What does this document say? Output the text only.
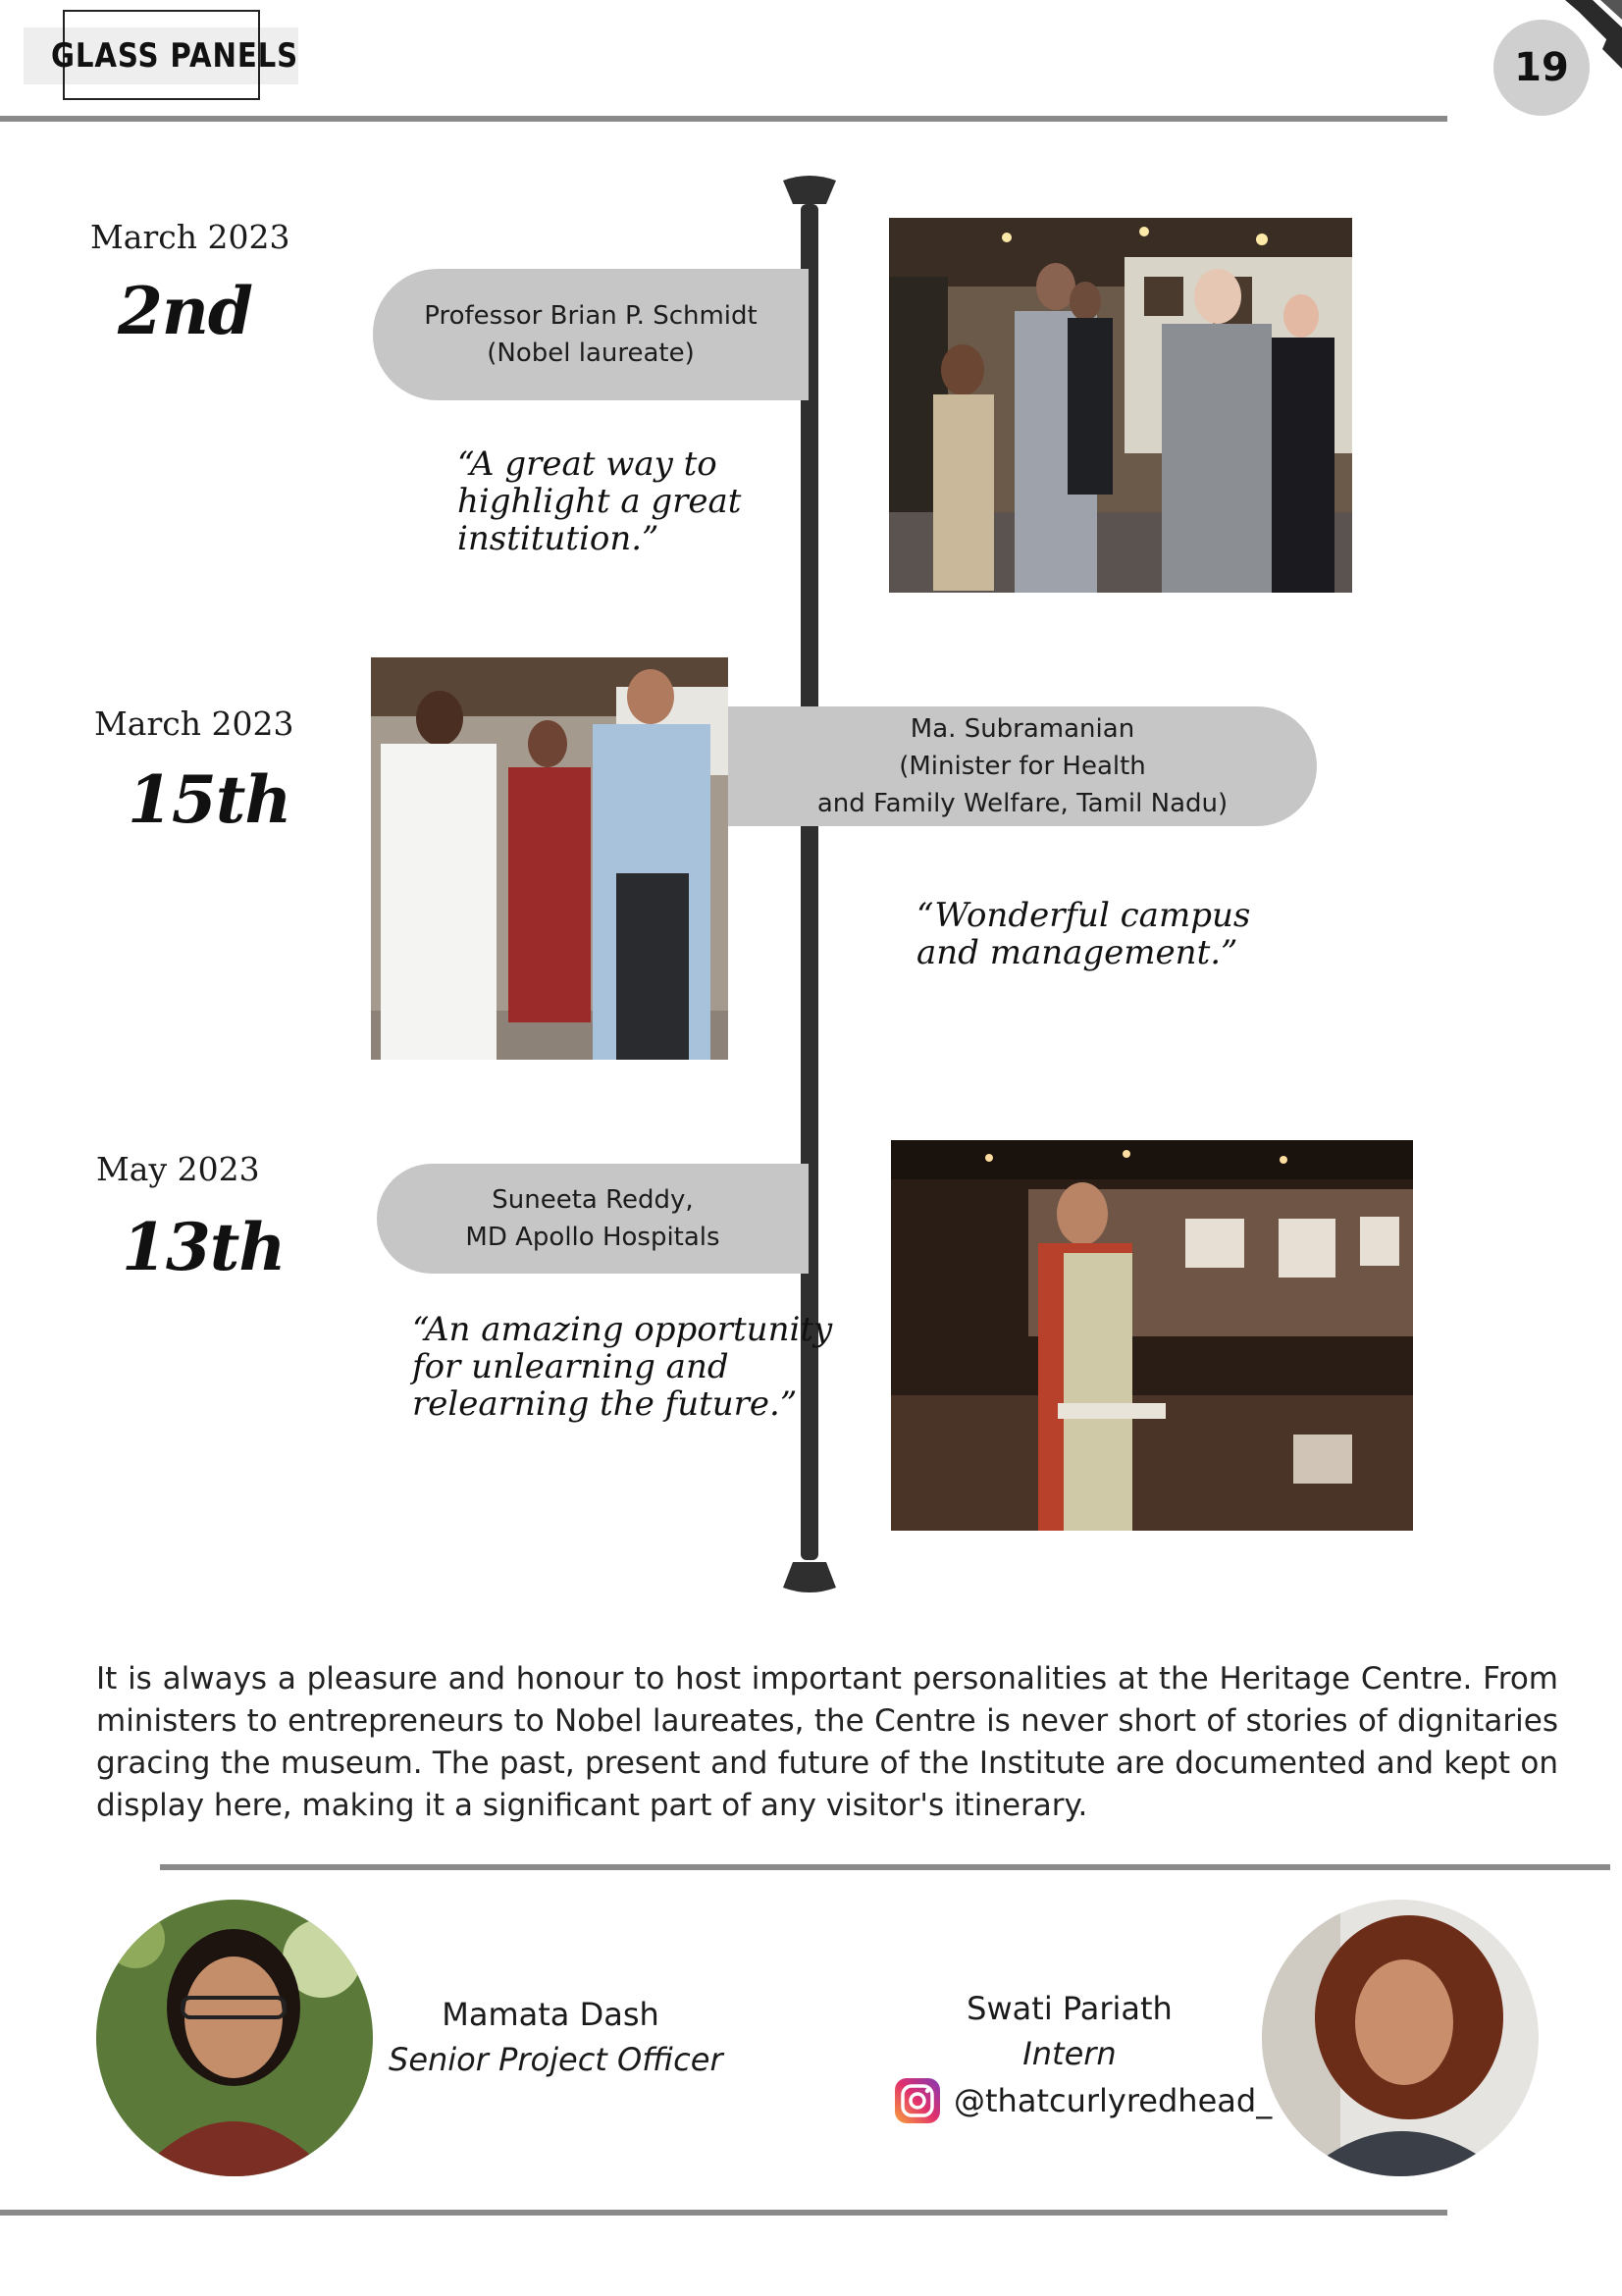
GLASS PANELS	19
March 2023
2nd	Professor Brian P. Schmidt
(Nobel laureate)
“A great way to
highlight a great
institution.”
March 2023
15th
Ma. Subramanian
(Minister for Health
and Family Welfare, Tamil Nadu)
“Wonderful campus
and management.”
May 2023
13th
Suneeta Reddy,
MD Apollo Hospitals
“An amazing opportunity
for unlearning and
relearning the future.”

It is always a pleasure and honour to host important personalities at the Heritage Centre. From ministers to entrepreneurs to Nobel laureates, the Centre is never short of stories of dignitaries gracing the museum. The past, present and future of the Institute are documented and kept on display here, making it a significant part of any visitor's itinerary.

Mamata Dash
Senior Project Officer
Swati Pariath
Intern
@thatcurlyredhead_
